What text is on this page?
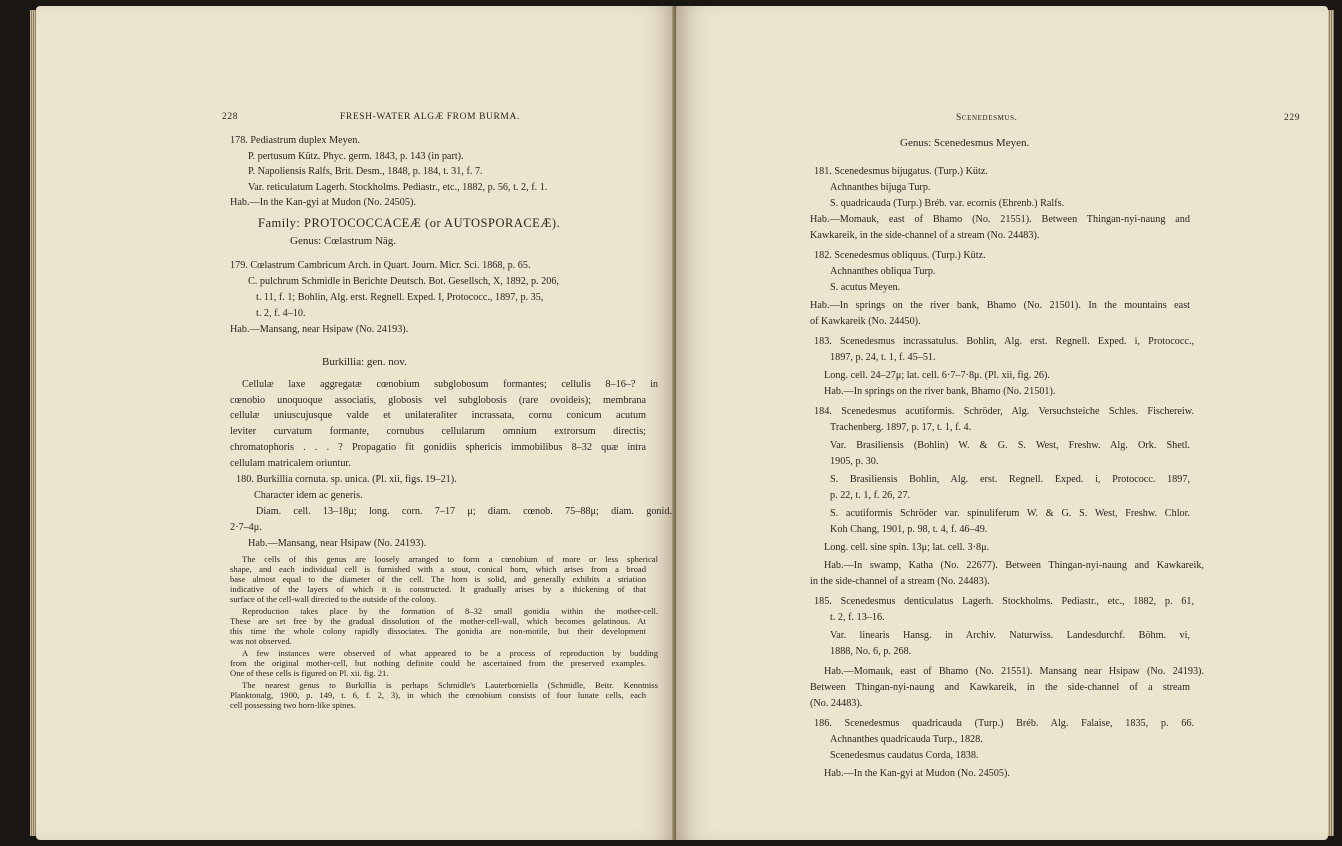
228	FRESH-WATER ALGÆ FROM BURMA.
178. Pediastrum duplex Meyen.
P. pertusum Kütz. Phyc. germ. 1843, p. 143 (in part).
P. Napoliensis Ralfs, Brit. Desm., 1848, p. 184, t. 31, f. 7.
Var. reticulatum Lagerh. Stockholms. Pediastr., etc., 1882, p. 56, t. 2, f. 1.
Hab.—In the Kan-gyi at Mudon (No. 24505).
Family: PROTOCOCCACEÆ (or AUTOSPORACEÆ).
Genus: Cœlastrum Näg.
179. Cœlastrum Cambricum Arch. in Quart. Journ. Micr. Sci. 1868, p. 65.
C. pulchrum Schmidle in Berichte Deutsch. Bot. Gesellsch, X, 1892, p. 206,
t. 11, f. 1; Bohlin, Alg. erst. Regnell. Exped. I, Protococc., 1897, p. 35,
t. 2, f. 4–10.
Hab.—Mansang, near Hsipaw (No. 24193).
Burkillia: gen. nov.
Cellulæ laxe aggregatæ cœnobium subglobosum formantes; cellulis 8–16–? in
cœnobio unoquoque associatis, globosis vel subglobosis (rare ovoideis); membrana
cellulæ uniuscujusque valde et unilateraliter incrassata, cornu conicum acutum
leviter curvatum formante, cornubus cellularum omnium extrorsum directis;
chromatophoris . . . ? Propagatio fit gonidiis sphericis immobilibus 8–32 quæ intra
cellulam matricalem oriuntur.
180. Burkillia cornuta. sp. unica. (Pl. xii, figs. 19–21).
Character idem ac generis.
Diam. cell. 13–18μ; long. corn. 7–17 μ; diam. cœnob. 75–88μ; diam. gonid.
2·7–4μ.
Hab.—Mansang, near Hsipaw (No. 24193).
The cells of this genus are loosely arranged to form a cœnobium of more or less spherical
shape, and each individual cell is furnished with a stout, conical horn, which arises from a broad
base almost equal to the diameter of the cell. The horn is solid, and generally exhibits a striation
indicative of the layers of which it is constructed. It gradually arises by a thickening of that
surface of the cell-wall directed to the outside of the colony.
Reproduction takes place by the formation of 8–32 small gonidia within the mother-cell.
These are set free by the gradual dissolution of the mother-cell-wall, which becomes gelatinous. At
this time the whole colony rapidly dissociates. The gonidia are non-motile, but their development
was not observed.
A few instances were observed of what appeared to be a process of reproduction by budding
from the original mother-cell, but nothing definite could be ascertained from the preserved examples.
One of these cells is figured on Pl. xii. fig. 21.
The nearest genus to Burkillia is perhaps Schmidle's Lauterborniella (Schmidle, Beitr. Kenntniss
Planktonalg, 1900, p. 149, t. 6, f. 2, 3), in which the cœnobium consists of four lunate cells, each
cell possessing two horn-like spines.
Scenedesmus.	229
Genus: Scenedesmus Meyen.
181. Scenedesmus bijugatus. (Turp.) Kütz.
Achnanthes bijuga Turp.
S. quadricauda (Turp.) Bréb. var. ecornis (Ehrenb.) Ralfs.
Hab.—Momauk, east of Bhamo (No. 21551). Between Thingan-nyi-naung and
Kawkareik, in the side-channel of a stream (No. 24483).
182. Scenedesmus obliquus. (Turp.) Kütz.
Achnanthes obliqua Turp.
S. acutus Meyen.
Hab.—In springs on the river bank, Bhamo (No. 21501). In the mountains east
of Kawkareik (No. 24450).
183. Scenedesmus incrassatulus. Bohlin, Alg. erst. Regnell. Exped. i, Protococc.,
1897, p. 24, t. 1, f. 45–51.
Long. cell. 24–27μ; lat. cell. 6·7–7·8μ. (Pl. xii, fig. 26).
Hab.—In springs on the river bank, Bhamo (No. 21501).
184. Scenedesmus acutiformis. Schröder, Alg. Versuchsteiche Schles. Fischereiw.
Trachenberg. 1897, p. 17, t. 1, f. 4.
Var. Brasiliensis (Bohlin) W. & G. S. West, Freshw. Alg. Ork. Shetl.
1905, p. 30.
S. Brasiliensis Bohlin, Alg. erst. Regnell. Exped. i, Protococc. 1897,
p. 22, t. 1, f. 26, 27.
S. acutiformis Schröder var. spinuliferum W. & G. S. West, Freshw. Chlor.
Koh Chang, 1901, p. 98, t. 4, f. 46–49.
Long. cell. sine spin. 13μ; lat. cell. 3·8μ.
Hab.—In swamp, Katha (No. 22677). Between Thingan-nyi-naung and Kawkareik,
in the side-channel of a stream (No. 24483).
185. Scenedesmus denticulatus Lagerh. Stockholms. Pediastr., etc., 1882, p. 61,
t. 2, f. 13–16.
Var. linearis Hansg. in Archiv. Naturwiss. Landesdurchf. Böhm. vi,
1888, No. 6, p. 268.
Hab.—Momauk, east of Bhamo (No. 21551). Mansang near Hsipaw (No. 24193).
Between Thingan-nyi-naung and Kawkareik, in the side-channel of a stream
(No. 24483).
186. Scenedesmus quadricauda (Turp.) Bréb. Alg. Falaise, 1835, p. 66.
Achnanthes quadricauda Turp., 1828.
Scenedesmus caudatus Corda, 1838.
Hab.—In the Kan-gyi at Mudon (No. 24505).
